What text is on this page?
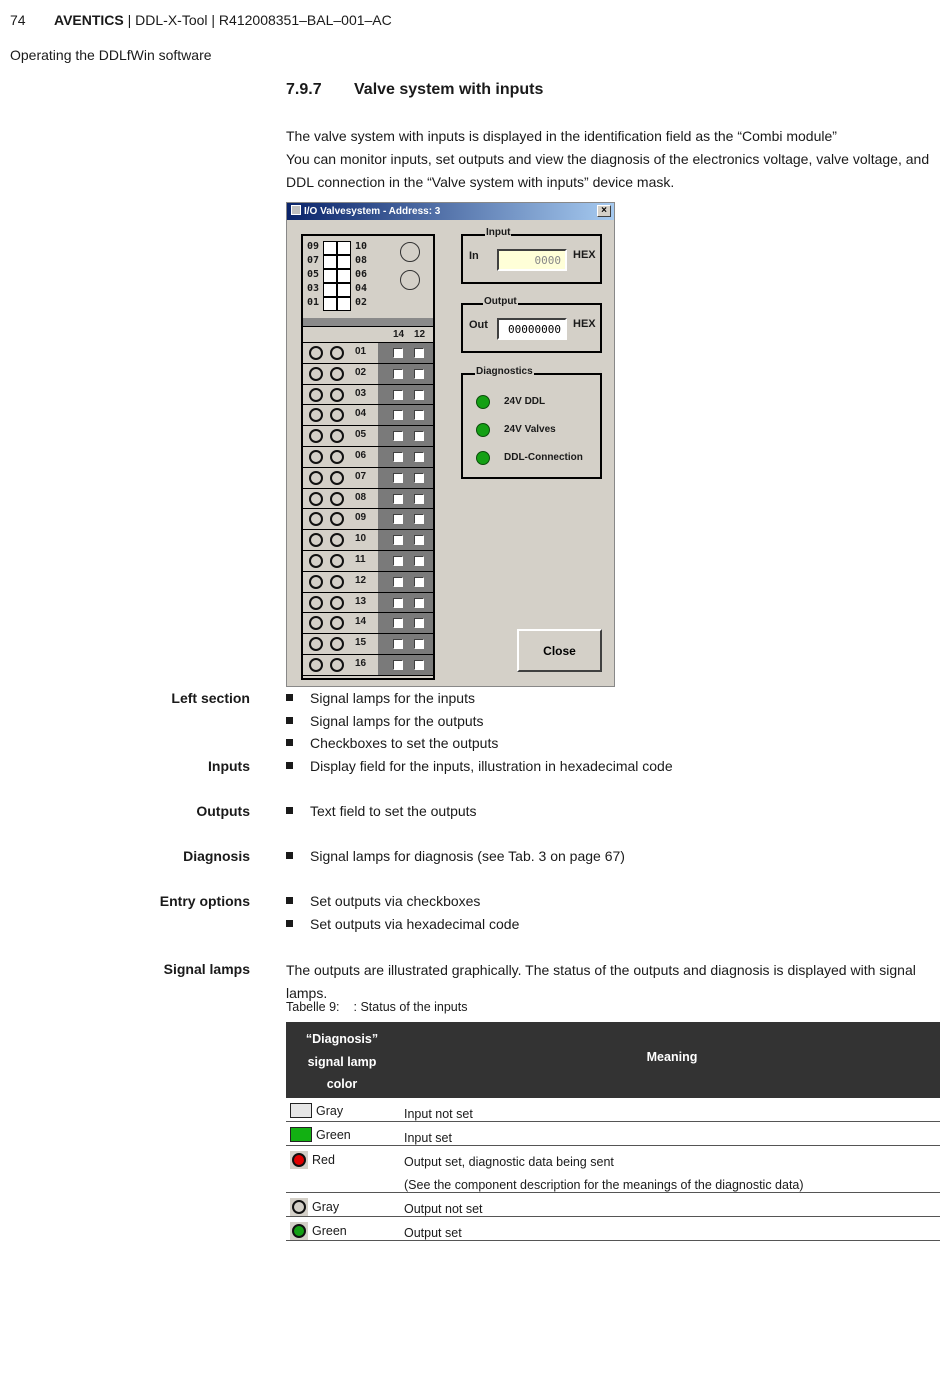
74 AVENTICS | DDL-X-Tool | R412008351–BAL–001–AC
Operating the DDLfWin software
7.9.7 Valve system with inputs
The valve system with inputs is displayed in the identification field as the “Combi module”
You can monitor inputs, set outputs and view the diagnosis of the electronics voltage, valve voltage, and DDL connection in the “Valve system with inputs” device mask.
I/O Valvesystem - Address: 3	×
09	10
07	08
05	06
03	04
01	02
14 12
01
02
03
04
05
06
07
08
09
10
11
12
13
14
15
16
Input
In	0000	HEX
Output
Out	00000000	HEX
Diagnostics
24V DDL
24V Valves
DDL-Connection
Close
Left section	Signal lamps for the inputs
Signal lamps for the outputs
Checkboxes to set the outputs
Inputs	Display field for the inputs, illustration in hexadecimal code
Outputs	Text field to set the outputs
Diagnosis	Signal lamps for diagnosis (see Tab. 3 on page 67)
Entry options	Set outputs via checkboxes
Set outputs via hexadecimal code
Signal lamps	The outputs are illustrated graphically. The status of the outputs and diagnosis is displayed with signal lamps.
Tabelle 9: : Status of the inputs
“Diagnosis”
signal lamp
color
Meaning
Gray	Input not set
Green	Input set
Red	Output set, diagnostic data being sent
(See the component description for the meanings of the diagnostic data)
Gray	Output not set
Green	Output set
